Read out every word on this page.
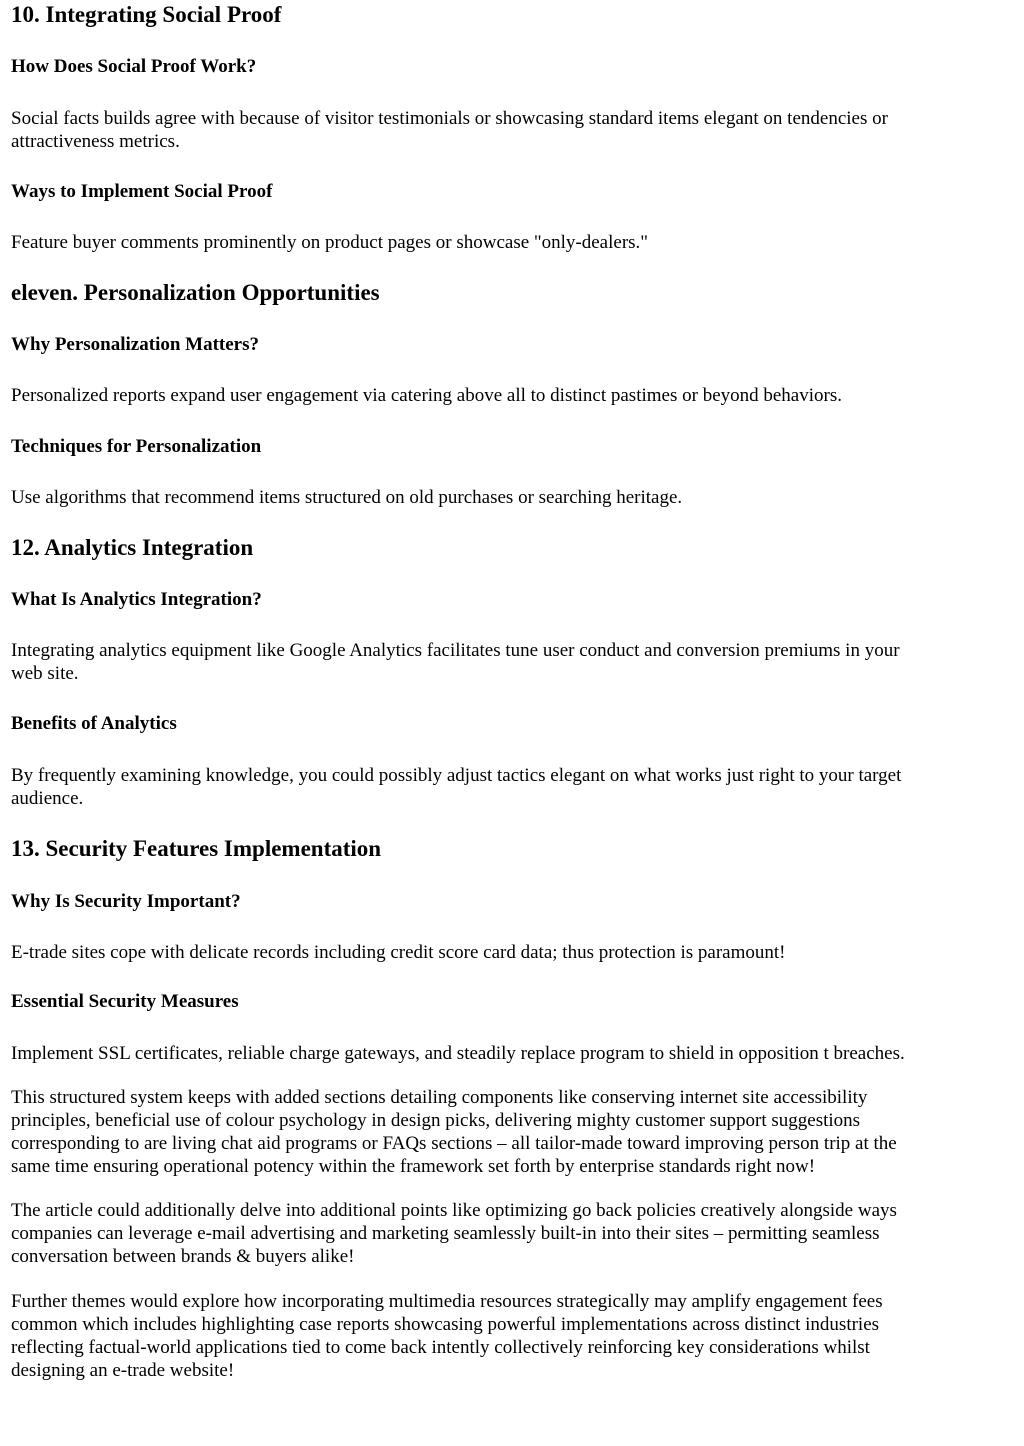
10. Integrating Social Proof
How Does Social Proof Work?

Social facts builds agree with because of visitor testimonials or showcasing standard items elegant on tendencies or
attractiveness metrics.

Ways to Implement Social Proof

Feature buyer comments prominently on product pages or showcase "only-dealers."

eleven. Personalization Opportunities
Why Personalization Matters?

Personalized reports expand user engagement via catering above all to distinct pastimes or beyond behaviors.

Techniques for Personalization

Use algorithms that recommend items structured on old purchases or searching heritage.

12. Analytics Integration
What Is Analytics Integration?

Integrating analytics equipment like Google Analytics facilitates tune user conduct and conversion premiums in your
web site.

Benefits of Analytics

By frequently examining knowledge, you could possibly adjust tactics elegant on what works just right to your target
audience.

13. Security Features Implementation
Why Is Security Important?

E-trade sites cope with delicate records including credit score card data; thus protection is paramount!

Essential Security Measures

Implement SSL certificates, reliable charge gateways, and steadily replace program to shield in opposition t breaches.

This structured system keeps with added sections detailing components like conserving internet site accessibility
principles, beneficial use of colour psychology in design picks, delivering mighty customer support suggestions
corresponding to are living chat aid programs or FAQs sections – all tailor-made toward improving person trip at the
same time ensuring operational potency within the framework set forth by enterprise standards right now!

The article could additionally delve into additional points like optimizing go back policies creatively alongside ways
companies can leverage e-mail advertising and marketing seamlessly built-in into their sites – permitting seamless
conversation between brands & buyers alike!

Further themes would explore how incorporating multimedia resources strategically may amplify engagement fees
common which includes highlighting case reports showcasing powerful implementations across distinct industries
reflecting factual-world applications tied to come back intently collectively reinforcing key considerations whilst
designing an e-trade website!
